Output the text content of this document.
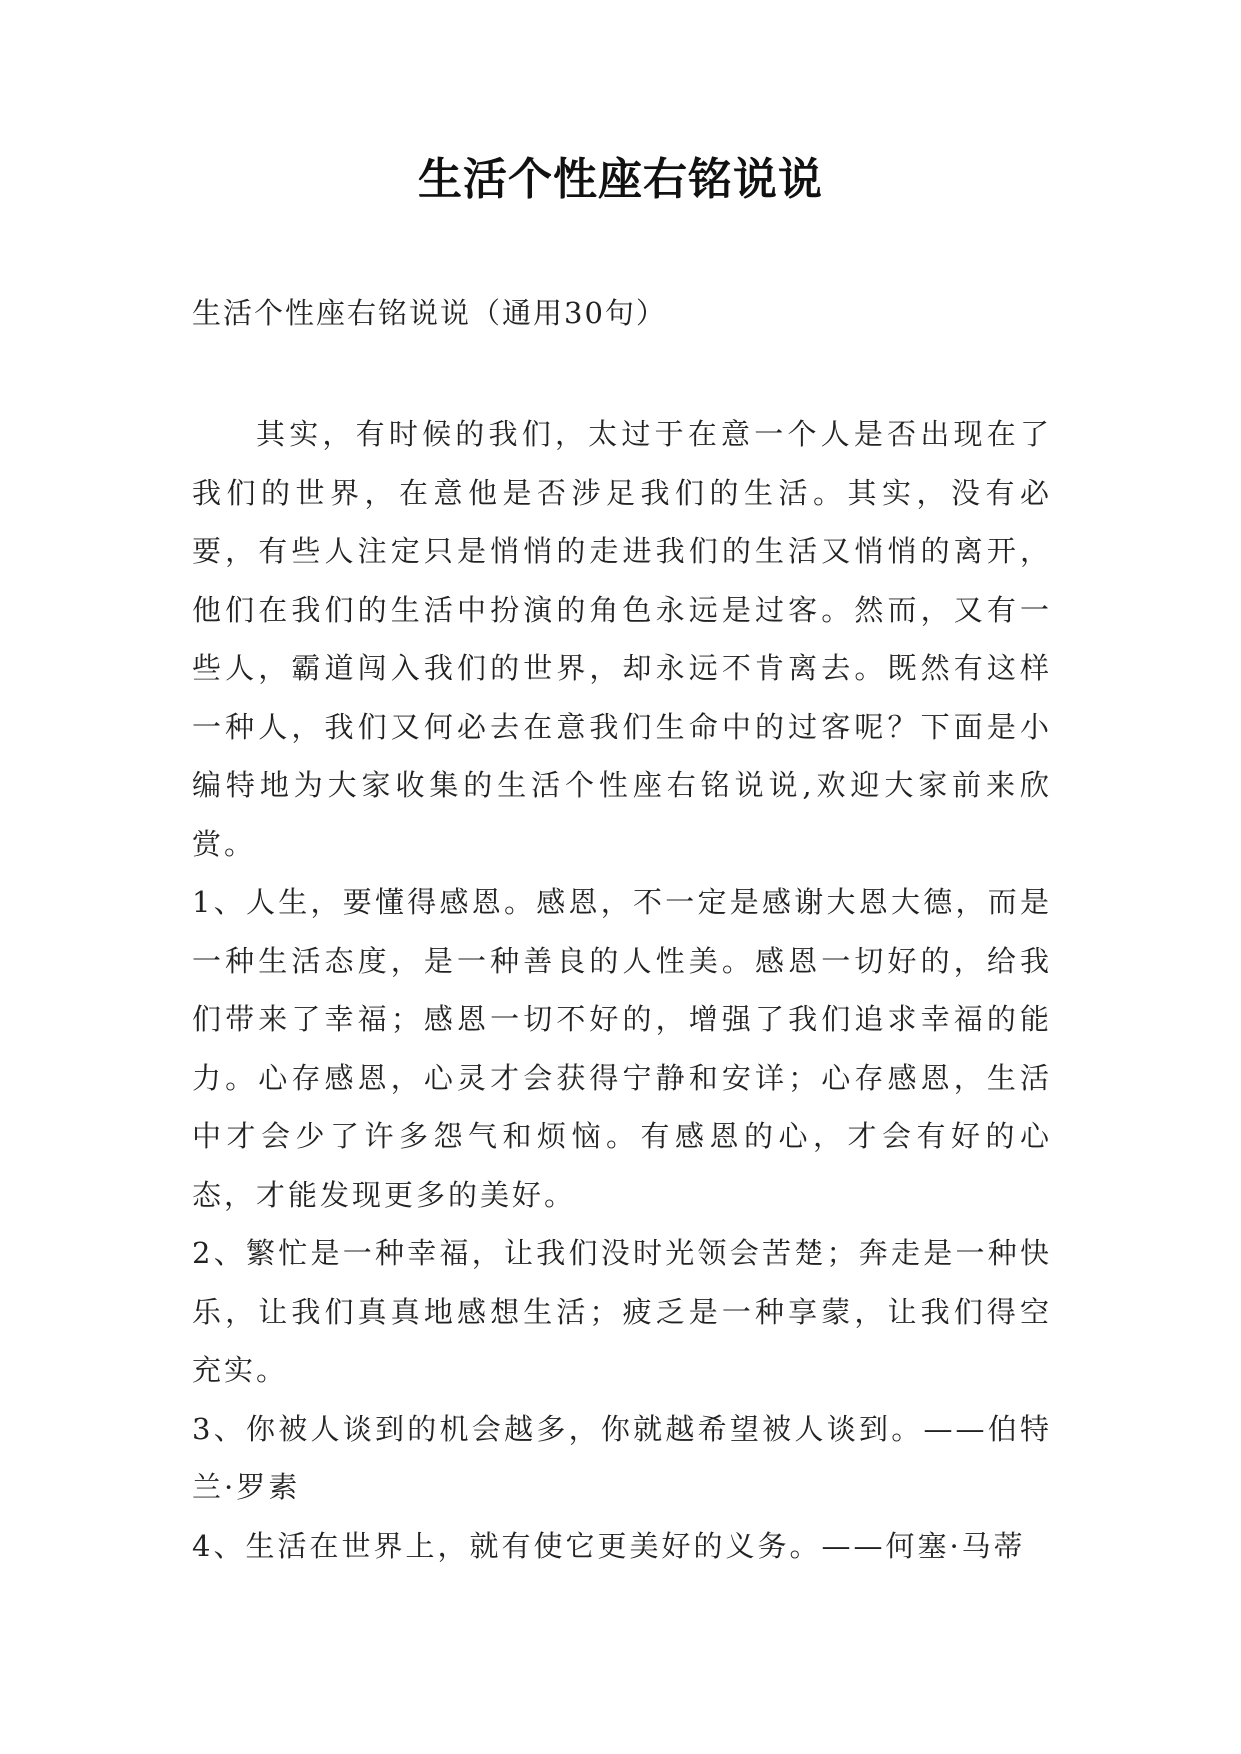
生活个性座右铭说说
生活个性座右铭说说（通用30句）

其实，有时候的我们，太过于在意一个人是否出现在了我们的世界，在意他是否涉足我们的生活。其实，没有必要，有些人注定只是悄悄的走进我们的生活又悄悄的离开，他们在我们的生活中扮演的角色永远是过客。然而，又有一些人，霸道闯入我们的世界，却永远不肯离去。既然有这样一种人，我们又何必去在意我们生命中的过客呢？下面是小编特地为大家收集的生活个性座右铭说说,欢迎大家前来欣赏。

1、人生，要懂得感恩。感恩，不一定是感谢大恩大德，而是一种生活态度，是一种善良的人性美。感恩一切好的，给我们带来了幸福；感恩一切不好的，增强了我们追求幸福的能力。心存感恩，心灵才会获得宁静和安详；心存感恩，生活中才会少了许多怨气和烦恼。有感恩的心，才会有好的心态，才能发现更多的美好。

2、繁忙是一种幸福，让我们没时光领会苦楚；奔走是一种快乐，让我们真真地感想生活；疲乏是一种享蒙，让我们得空充实。

3、你被人谈到的机会越多，你就越希望被人谈到。——伯特兰·罗素

4、生活在世界上，就有使它更美好的义务。——何塞·马蒂
